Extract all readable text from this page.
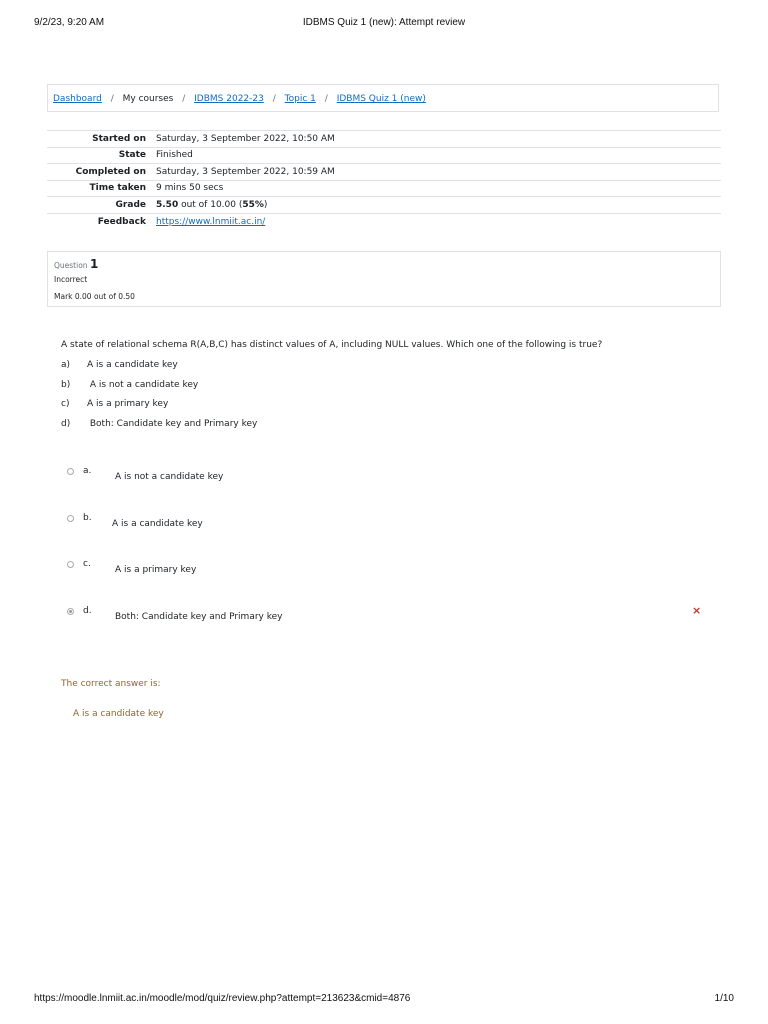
9/2/23, 9:20 AM	IDBMS Quiz 1 (new): Attempt review
Dashboard / My courses / IDBMS 2022-23 / Topic 1 / IDBMS Quiz 1 (new)
Started on	Saturday, 3 September 2022, 10:50 AM
State	Finished
Completed on	Saturday, 3 September 2022, 10:59 AM
Time taken	9 mins 50 secs
Grade	5.50 out of 10.00 (55%)
Feedback	https://www.lnmiit.ac.in/
Question 1
Incorrect
Mark 0.00 out of 0.50
A state of relational schema R(A,B,C) has distinct values of A, including NULL values. Which one of the following is true?
a) A is a candidate key
b) A is not a candidate key
c) A is a primary key
d) Both: Candidate key and Primary key
a.
A is not a candidate key
b.
A is a candidate key
c.
A is a primary key
d.
Both: Candidate key and Primary key	×
The correct answer is:
A is a candidate key
https://moodle.lnmiit.ac.in/moodle/mod/quiz/review.php?attempt=213623&cmid=4876	1/10
